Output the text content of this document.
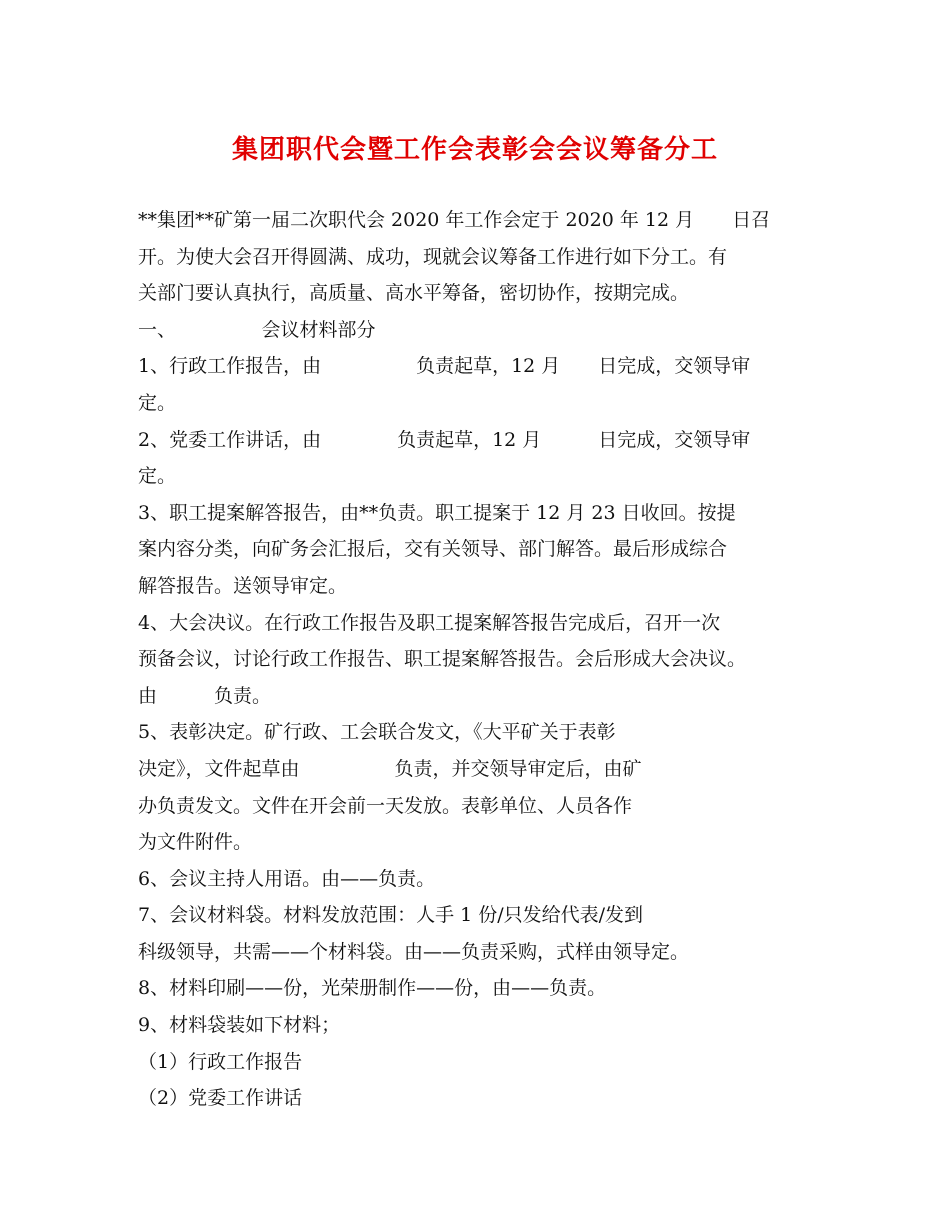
集团职代会暨工作会表彰会会议筹备分工
**集团**矿第一届二次职代会 2020 年工作会定于 2020 年 12 月　　日召
开。为使大会召开得圆满、成功，现就会议筹备工作进行如下分工。有
关部门要认真执行，高质量、高水平筹备，密切协作，按期完成。
一、　　　　　会议材料部分
1、行政工作报告，由　　　　　负责起草，12 月　　日完成，交领导审
定。
2、党委工作讲话，由　　　　负责起草，12 月　　　日完成，交领导审
定。
3、职工提案解答报告，由**负责。职工提案于 12 月 23 日收回。按提
案内容分类，向矿务会汇报后，交有关领导、部门解答。最后形成综合
解答报告。送领导审定。
4、大会决议。在行政工作报告及职工提案解答报告完成后，召开一次
预备会议，讨论行政工作报告、职工提案解答报告。会后形成大会决议。
由　　　负责。
5、表彰决定。矿行政、工会联合发文，《大平矿关于表彰
决定》，文件起草由　　　　　负责，并交领导审定后，由矿
办负责发文。文件在开会前一天发放。表彰单位、人员各作
为文件附件。
6、会议主持人用语。由——负责。
7、会议材料袋。材料发放范围：人手 1 份/只发给代表/发到
科级领导，共需——个材料袋。由——负责采购，式样由领导定。
8、材料印刷——份，光荣册制作——份，由——负责。
9、材料袋装如下材料；
（1）行政工作报告
（2）党委工作讲话
